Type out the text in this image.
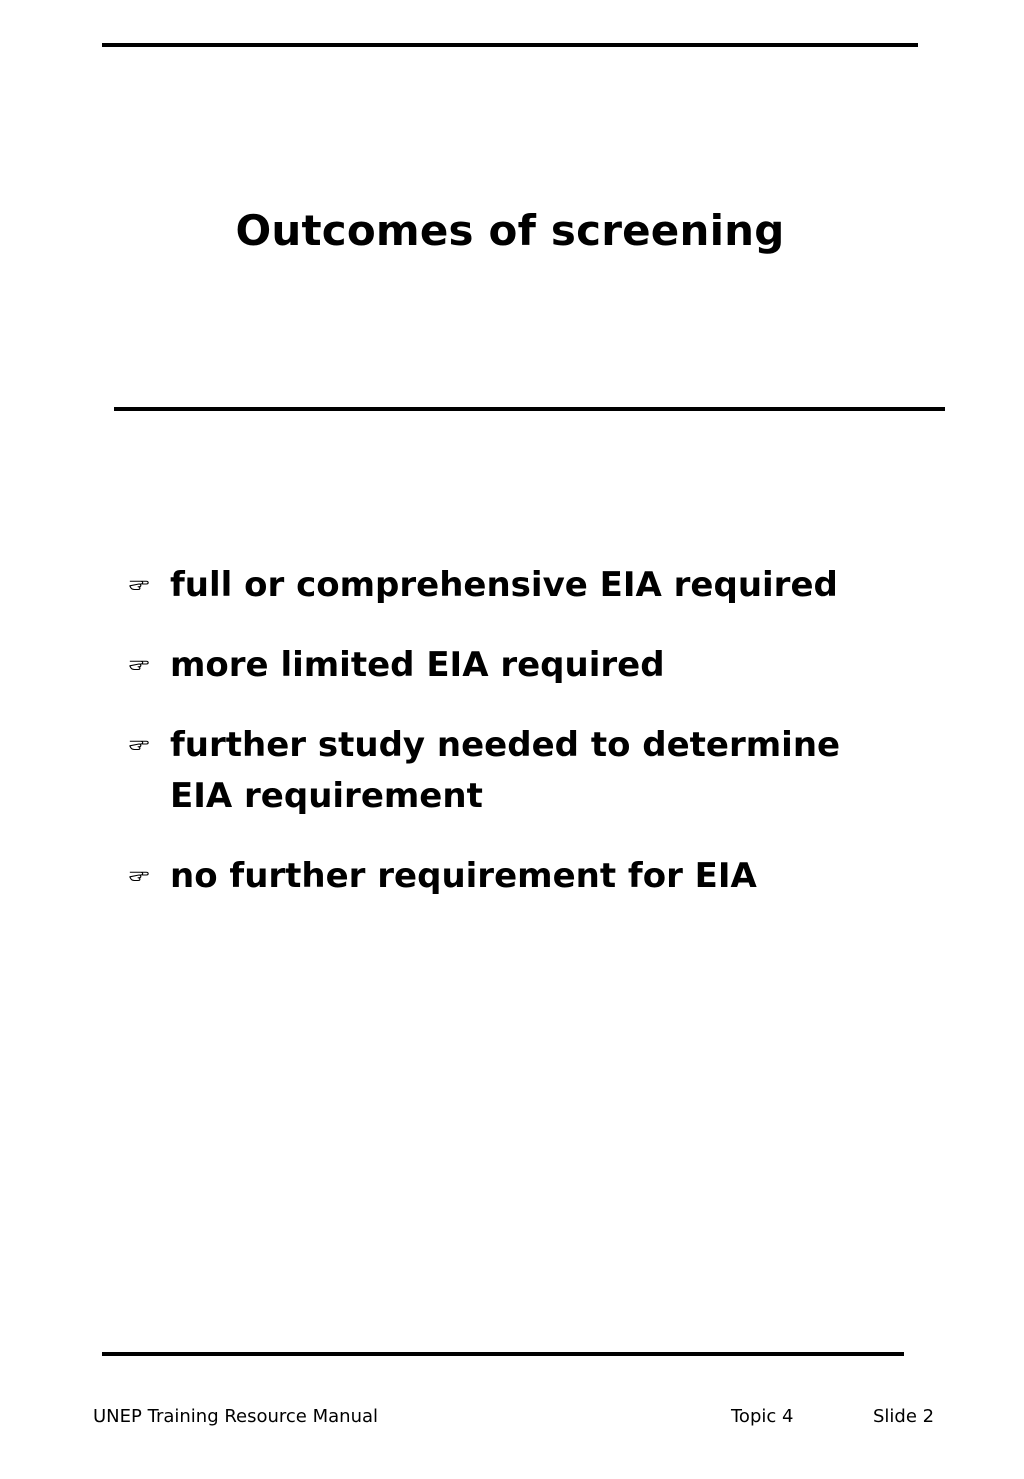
Outcomes of screening
full or comprehensive EIA required
more limited EIA required
further study needed to determine EIA requirement
no further requirement for EIA
UNEP Training Resource Manual	Topic 4	Slide 2
